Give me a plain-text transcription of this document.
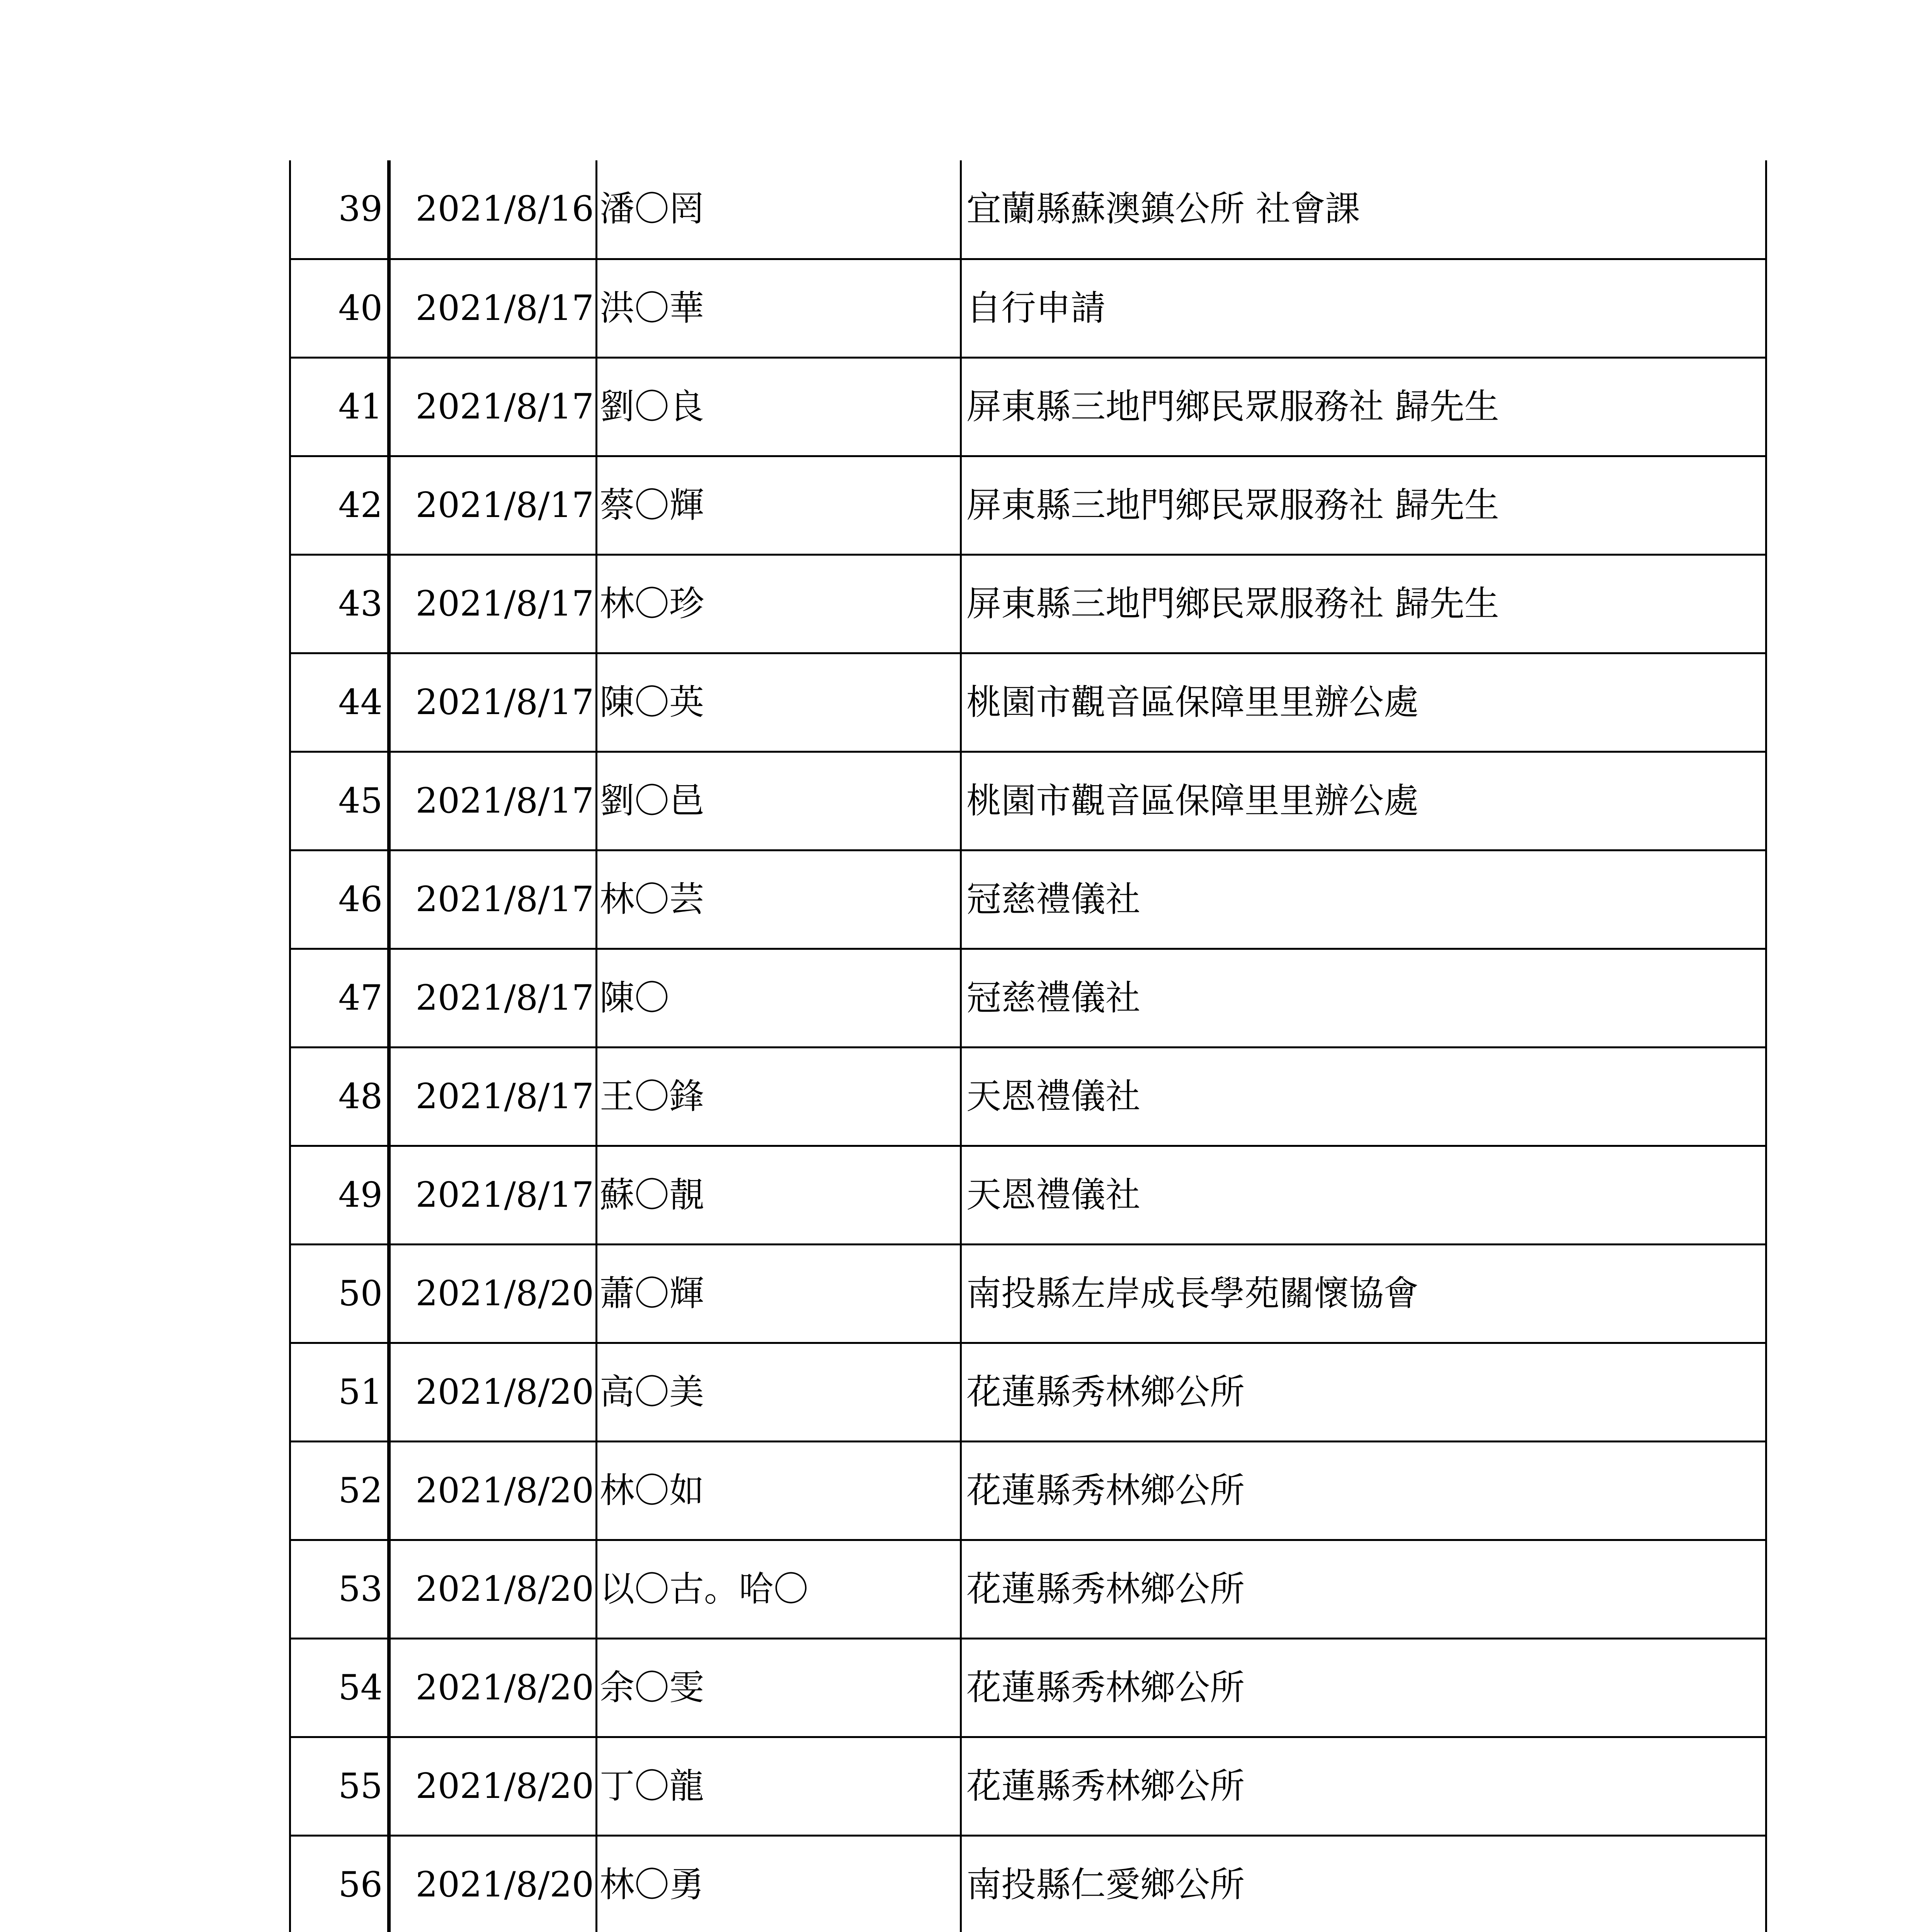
39	2021/8/16	潘〇罔	宜蘭縣蘇澳鎮公所 社會課
40	2021/8/17	洪〇華	自行申請
41	2021/8/17	劉〇良	屏東縣三地門鄉民眾服務社 歸先生
42	2021/8/17	蔡〇輝	屏東縣三地門鄉民眾服務社 歸先生
43	2021/8/17	林〇珍	屏東縣三地門鄉民眾服務社 歸先生
44	2021/8/17	陳〇英	桃園市觀音區保障里里辦公處
45	2021/8/17	劉〇邑	桃園市觀音區保障里里辦公處
46	2021/8/17	林〇芸	冠慈禮儀社
47	2021/8/17	陳〇	冠慈禮儀社
48	2021/8/17	王〇鋒	天恩禮儀社
49	2021/8/17	蘇〇靚	天恩禮儀社
50	2021/8/20	蕭〇輝	南投縣左岸成長學苑關懷協會
51	2021/8/20	高〇美	花蓮縣秀林鄉公所
52	2021/8/20	林〇如	花蓮縣秀林鄉公所
53	2021/8/20	以〇古。哈〇	花蓮縣秀林鄉公所
54	2021/8/20	余〇雯	花蓮縣秀林鄉公所
55	2021/8/20	丁〇龍	花蓮縣秀林鄉公所
56	2021/8/20	林〇勇	南投縣仁愛鄉公所
